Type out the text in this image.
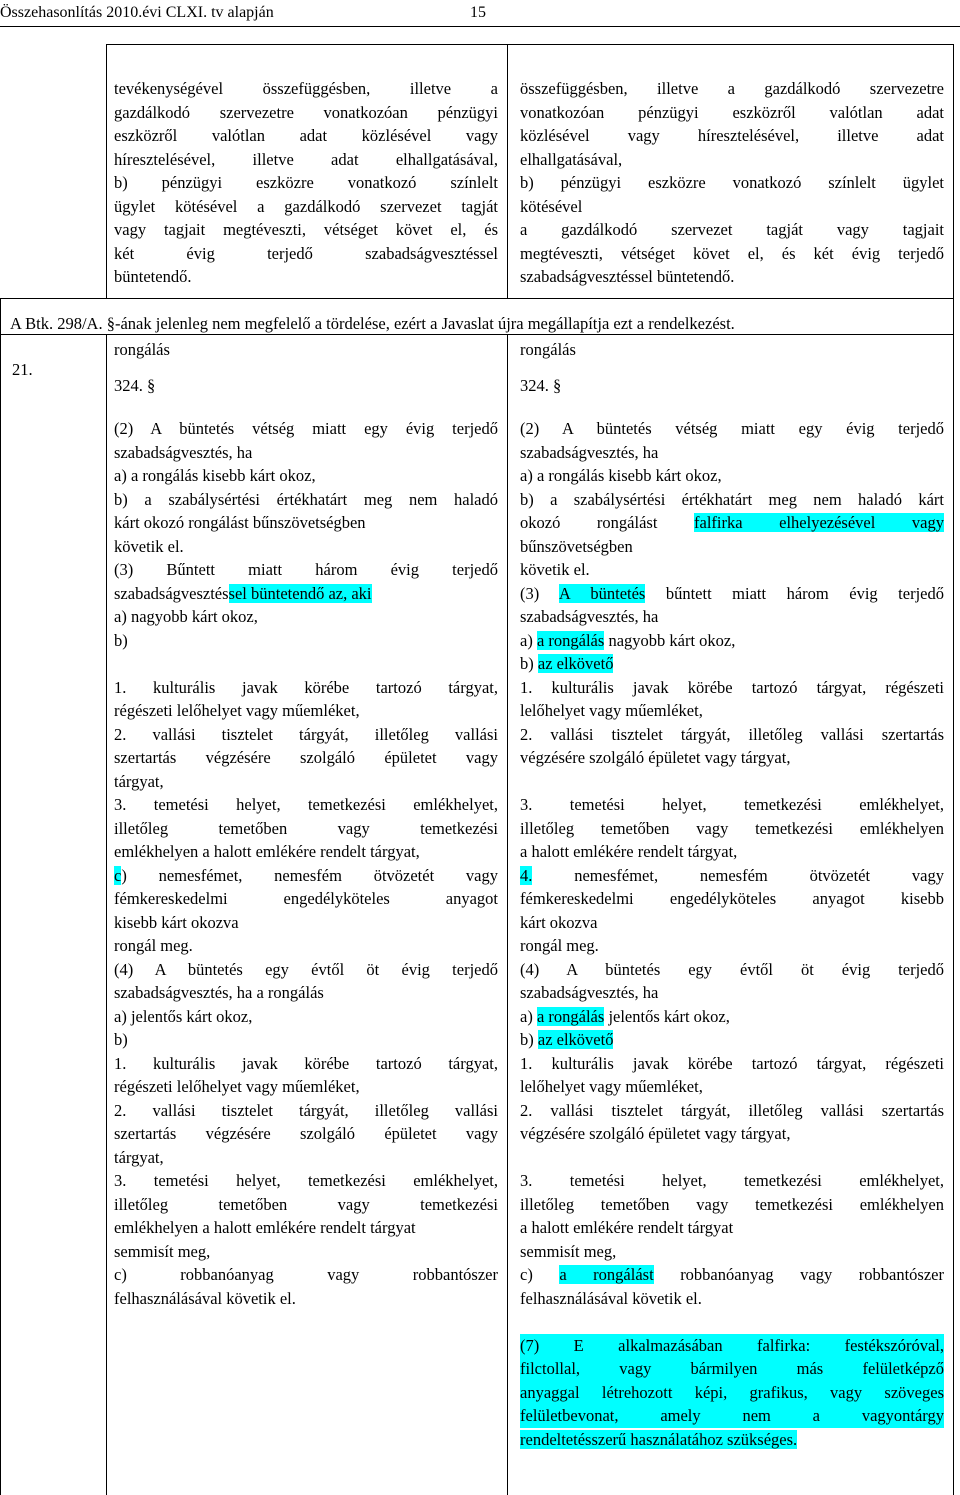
Összehasonlítás 2010.évi CLXI. tv alapján	15

tevékenységével összefüggésben, illetve a

gazdálkodó szervezetre vonatkozóan pénzügyi

eszközről valótlan adat közlésével vagy

híresztelésével, illetve adat elhallgatásával,

b) pénzügyi eszközre vonatkozó színlelt

ügylet kötésével a gazdálkodó szervezet tagját

vagy tagjait megtéveszti, vétséget követ el, és

két évig terjedő szabadságvesztéssel

büntetendő.

összefüggésben, illetve a gazdálkodó szervezetre

vonatkozóan pénzügyi eszközről valótlan adat

közlésével vagy híresztelésével, illetve adat

elhallgatásával,

b) pénzügyi eszközre vonatkozó színlelt ügylet

kötésével

a gazdálkodó szervezet tagját vagy tagjait

megtéveszti, vétséget követ el, és két évig terjedő

szabadságvesztéssel büntetendő.

A Btk. 298/A. §-ának jelenleg nem megfelelő a tördelése, ezért a Javaslat újra megállapítja ezt a rendelkezést.
21.

rongálás

324. §

(2) A büntetés vétség miatt egy évig terjedő

szabadságvesztés, ha

a) a rongálás kisebb kárt okoz,

b) a szabálysértési értékhatárt meg nem haladó

kárt okozó rongálást bűnszövetségben

követik el.

(3) Bűntett miatt három évig terjedő

szabadságvesztéssel büntetendő az, aki

a) nagyobb kárt okoz,

b)

1. kulturális javak körébe tartozó tárgyat,

régészeti lelőhelyet vagy műemléket,

2. vallási tisztelet tárgyát, illetőleg vallási

szertartás végzésére szolgáló épületet vagy

tárgyat,

3. temetési helyet, temetkezési emlékhelyet,

illetőleg temetőben vagy temetkezési

emlékhelyen a halott emlékére rendelt tárgyat,

c) nemesfémet, nemesfém ötvözetét vagy

fémkereskedelmi engedélyköteles anyagot

kisebb kárt okozva

rongál meg.

(4) A büntetés egy évtől öt évig terjedő

szabadságvesztés, ha a rongálás

a) jelentős kárt okoz,

b)

1. kulturális javak körébe tartozó tárgyat,

régészeti lelőhelyet vagy műemléket,

2. vallási tisztelet tárgyát, illetőleg vallási

szertartás végzésére szolgáló épületet vagy

tárgyat,

3. temetési helyet, temetkezési emlékhelyet,

illetőleg temetőben vagy temetkezési

emlékhelyen a halott emlékére rendelt tárgyat

semmisít meg,

c) robbanóanyag vagy robbantószer

felhasználásával követik el.

rongálás

324. §

(2) A büntetés vétség miatt egy évig terjedő

szabadságvesztés, ha

a) a rongálás kisebb kárt okoz,

b) a szabálysértési értékhatárt meg nem haladó kárt

okozó rongálást falfirka elhelyezésével vagy

bűnszövetségben

követik el.

(3) A büntetés bűntett miatt három évig terjedő

szabadságvesztés, ha

a) a rongálás nagyobb kárt okoz,

b) az elkövető

1. kulturális javak körébe tartozó tárgyat, régészeti

lelőhelyet vagy műemléket,

2. vallási tisztelet tárgyát, illetőleg vallási szertartás

végzésére szolgáló épületet vagy tárgyat,

3. temetési helyet, temetkezési emlékhelyet,

illetőleg temetőben vagy temetkezési emlékhelyen

a halott emlékére rendelt tárgyat,

4. nemesfémet, nemesfém ötvözetét vagy

fémkereskedelmi engedélyköteles anyagot kisebb

kárt okozva

rongál meg.

(4) A büntetés egy évtől öt évig terjedő

szabadságvesztés, ha

a) a rongálás jelentős kárt okoz,

b) az elkövető

1. kulturális javak körébe tartozó tárgyat, régészeti

lelőhelyet vagy műemléket,

2. vallási tisztelet tárgyát, illetőleg vallási szertartás

végzésére szolgáló épületet vagy tárgyat,

3. temetési helyet, temetkezési emlékhelyet,

illetőleg temetőben vagy temetkezési emlékhelyen

a halott emlékére rendelt tárgyat

semmisít meg,

c) a rongálást robbanóanyag vagy robbantószer

felhasználásával követik el.

(7) E alkalmazásában falfirka: festékszóróval,

filctollal, vagy bármilyen más felületképző

anyaggal létrehozott képi, grafikus, vagy szöveges

felületbevonat, amely nem a vagyontárgy

rendeltetésszerű használatához szükséges.
